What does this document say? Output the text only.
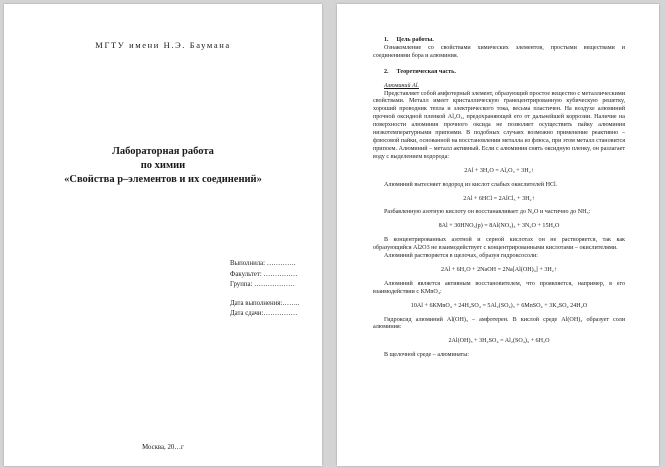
МГТУ имени Н.Э. Баумана
Лабораторная работа
по химии
«Свойства p–элементов и их соединений»
Выполнила: ………….
Факультет: ……………
Группа: ………………
Дата выполнения:……..
Дата сдачи:……………
Москва, 20…г
1. Цель работы.

Ознакомление со свойствами химических элементов, простыми веществами и соединениями бора и алюминия.

2. Теоретическая часть.
Алюминий Al.

Представляет собой амфотерный элемент, образующий простое вещество с металлическими свойствами. Металл имеет кристаллическую гранецентрированную кубическую решетку, хороший проводник тепла и электрического тока, весьма пластичен. На воздухе алюминий прочной оксидной пленкой Al₂O₃, предохраняющей его от дальнейшей коррозии. Наличие на поверхности алюминия прочного оксида не позволяет осуществить пайку алюминия низкотемпературными припоями. В подобных случаях возможно применение реактивно – флюсовой пайки, основанной на восстановлении металла из флюса, при этом металл становится припоем. Алюминий – металл активный. Если с алюминия снять оксидную пленку, он разлагает воду с выделением водорода:

2Al + 3H₂O = Al₂O₃ + 3H₂↑

Алюминий вытесняет водород из кислот слабых окислителей HCl.

2Al + 6HCl = 2AlCl₃ + 3H₂↑

Разбавленную азотную кислоту он восстанавливает до N₂O и частично до NH₃:

8Al + 30HNO₃(р) = 8Al(NO₃)₃ + 3N₂O + 15H₂O

В концентрированных азотной и серной кислотах он не растворяется, так как образующийся Al2O3 не взаимодействует с концентрированными кислотами – окислителями.

Алюминий растворяется в щелочах, образуя гидроксосоли:

2Al + 6H₂O + 2NaOH = 2Na[Al(OH)₄] + 3H₂↑

Алюминий является активным восстановителем, что проявляется, например, в его взаимодействии с KMnO₄:

10Al + 6KMnO₄ + 24H₂SO₄ = 5Al₂(SO₄)₃ + 6MnSO₄ + 3K₂SO₄ 24H₂O

Гидроксид алюминий Al(OH)₃ – амфотерен. В кислой среде Al(OH)₃ образует соли алюминия:

2Al(OH)₃ + 3H₂SO₄ = Al₂(SO₄)₃ + 6H₂O

В щелочной среде – алюминаты:
